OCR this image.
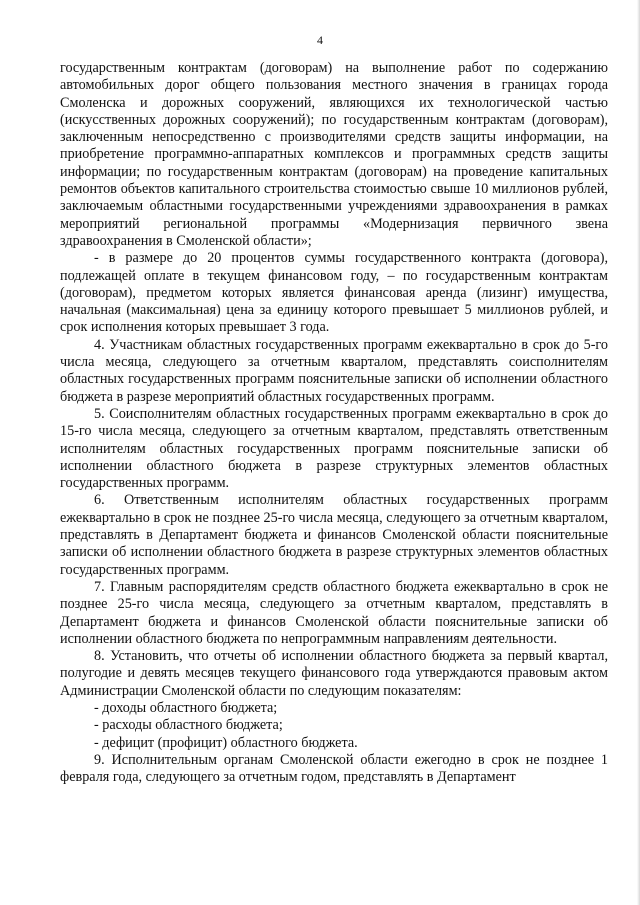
4

государственным контрактам (договорам) на выполнение работ по содержанию автомобильных дорог общего пользования местного значения в границах города Смоленска и дорожных сооружений, являющихся их технологической частью (искусственных дорожных сооружений); по государственным контрактам (договорам), заключенным непосредственно с производителями средств защиты информации, на приобретение программно-аппаратных комплексов и программных средств защиты информации; по государственным контрактам (договорам) на проведение капитальных ремонтов объектов капитального строительства стоимостью свыше 10 миллионов рублей, заключаемым областными государственными учреждениями здравоохранения в рамках мероприятий региональной программы «Модернизация первичного звена здравоохранения в Смоленской области»;

- в размере до 20 процентов суммы государственного контракта (договора), подлежащей оплате в текущем финансовом году, – по государственным контрактам (договорам), предметом которых является финансовая аренда (лизинг) имущества, начальная (максимальная) цена за единицу которого превышает 5 миллионов рублей, и срок исполнения которых превышает 3 года.

4. Участникам областных государственных программ ежеквартально в срок до 5-го числа месяца, следующего за отчетным кварталом, представлять соисполнителям областных государственных программ пояснительные записки об исполнении областного бюджета в разрезе мероприятий областных государственных программ.

5. Соисполнителям областных государственных программ ежеквартально в срок до 15-го числа месяца, следующего за отчетным кварталом, представлять ответственным исполнителям областных государственных программ пояснительные записки об исполнении областного бюджета в разрезе структурных элементов областных государственных программ.

6. Ответственным исполнителям областных государственных программ ежеквартально в срок не позднее 25-го числа месяца, следующего за отчетным кварталом, представлять в Департамент бюджета и финансов Смоленской области пояснительные записки об исполнении областного бюджета в разрезе структурных элементов областных государственных программ.

7. Главным распорядителям средств областного бюджета ежеквартально в срок не позднее 25-го числа месяца, следующего за отчетным кварталом, представлять в Департамент бюджета и финансов Смоленской области пояснительные записки об исполнении областного бюджета по непрограммным направлениям деятельности.

8. Установить, что отчеты об исполнении областного бюджета за первый квартал, полугодие и девять месяцев текущего финансового года утверждаются правовым актом Администрации Смоленской области по следующим показателям:

- доходы областного бюджета;

- расходы областного бюджета;

- дефицит (профицит) областного бюджета.

9. Исполнительным органам Смоленской области ежегодно в срок не позднее 1 февраля года, следующего за отчетным годом, представлять в Департамент
